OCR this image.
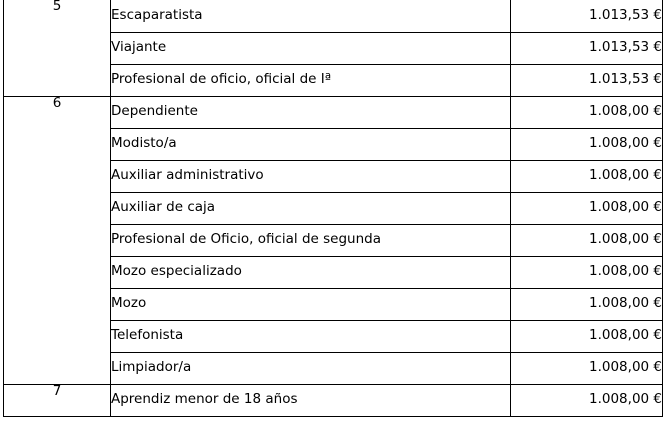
5	Escaparatista	1.013,53 €
	Viajante	1.013,53 €
	Profesional de oficio, oficial de Iª	1.013,53 €
6	Dependiente	1.008,00 €
	Modisto/a	1.008,00 €
	Auxiliar administrativo	1.008,00 €
	Auxiliar de caja	1.008,00 €
	Profesional de Oficio, oficial de segunda	1.008,00 €
	Mozo especializado	1.008,00 €
	Mozo	1.008,00 €
	Telefonista	1.008,00 €
	Limpiador/a	1.008,00 €
7	Aprendiz menor de 18 años	1.008,00 €
